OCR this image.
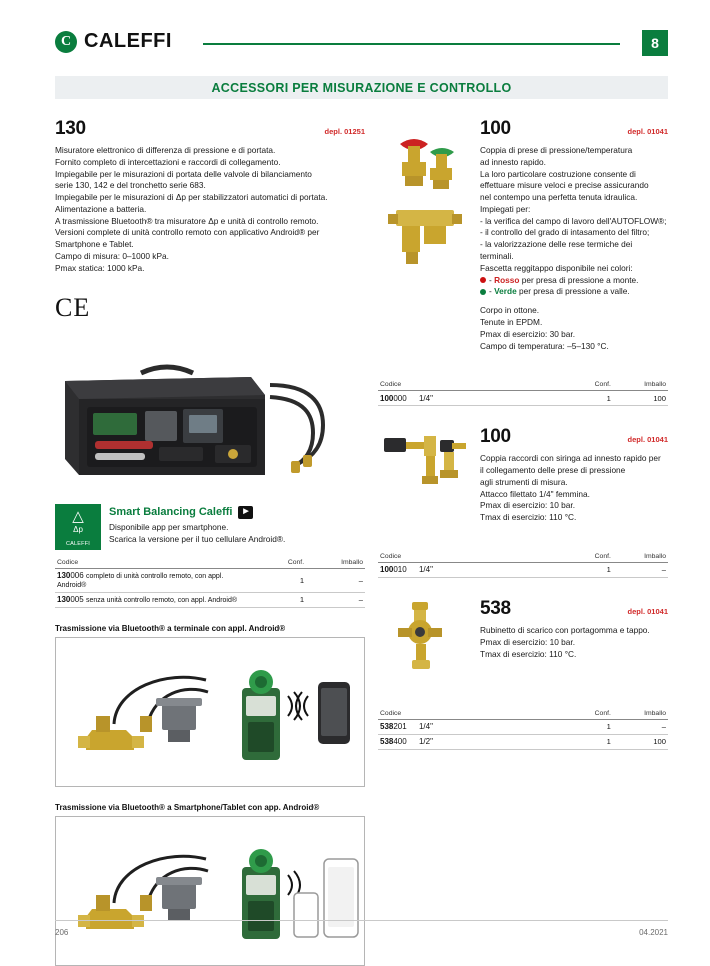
C CALEFFI	8
ACCESSORI PER MISURAZIONE E CONTROLLO
130	depl. 01251

Misuratore elettronico di differenza di pressione e di portata.

Fornito completo di intercettazioni e raccordi di collegamento.

Impiegabile per le misurazioni di portata delle valvole di bilanciamento

serie 130, 142 e del tronchetto serie 683.

Impiegabile per le misurazioni di Δp per stabilizzatori automatici di portata.

Alimentazione a batteria.

A trasmissione Bluetooth® tra misuratore Δp e unità di controllo remoto.

Versioni complete di unità controllo remoto con applicativo Android® per

Smartphone e Tablet.

Campo di misura: 0–1000 kPa.

Pmax statica: 1000 kPa.

CΕ
△
Δp
CALEFFI
Smart Balancing Caleffi	▶
Disponibile app per smartphone.
Scarica la versione per il tuo cellulare Android®.
Codice	Conf.	Imballo
130006 completo di unità controllo remoto, con appl. Android®	1	–
130005 senza unità controllo remoto, con appl. Android®	1	–
Trasmissione via Bluetooth® a terminale con appl. Android®
Trasmissione via Bluetooth® a Smartphone/Tablet con app. Android®
100	depl. 01041

Coppia di prese di pressione/temperatura

ad innesto rapido.

La loro particolare costruzione consente di

effettuare misure veloci e precise assicurando

nel contempo una perfetta tenuta idraulica.

Impiegati per:

- la verifica del campo di lavoro dell'AUTOFLOW®;

- il controllo del grado di intasamento del filtro;

- la valorizzazione delle rese termiche dei terminali.

Fascetta reggitappo disponibile nei colori:

- Rosso per presa di pressione a monte.

- Verde per presa di pressione a valle.

Corpo in ottone.

Tenute in EPDM.

Pmax di esercizio: 30 bar.

Campo di temperatura: –5–130 °C.

Codice	Conf.	Imballo
100000 1/4"	1	100
100	depl. 01041

Coppia raccordi con siringa ad innesto rapido per

il collegamento delle prese di pressione

agli strumenti di misura.

Attacco filettato 1/4" femmina.

Pmax di esercizio: 10 bar.

Tmax di esercizio: 110 °C.

Codice	Conf.	Imballo
100010 1/4"	1	–
538	depl. 01041

Rubinetto di scarico con portagomma e tappo.

Pmax di esercizio: 10 bar.

Tmax di esercizio: 110 °C.

Codice	Conf.	Imballo
538201 1/4"	1	–
538400 1/2"	1	100
206	04.2021
